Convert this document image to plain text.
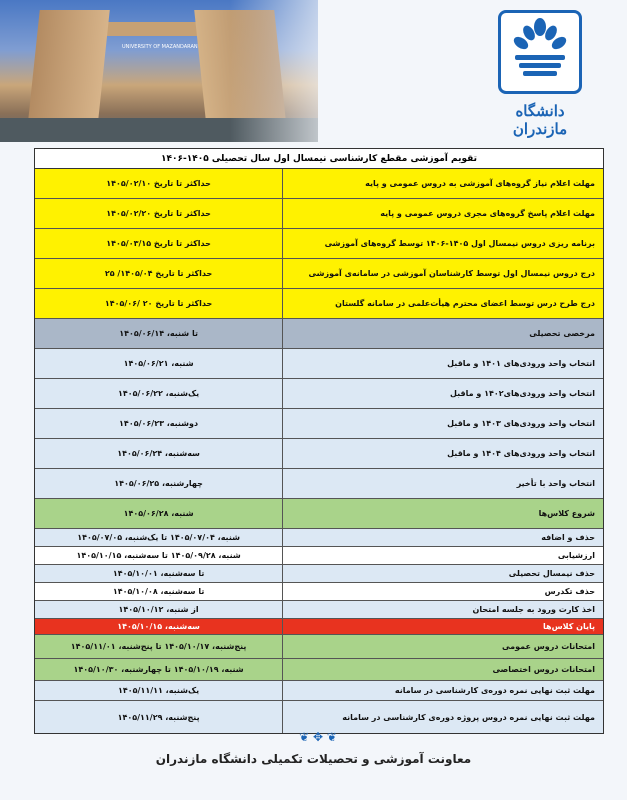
UNIVERSITY OF MAZANDARAN
دانشگاه مازندران
تقویم آموزشی مقطع کارشناسی نیمسال اول سال تحصیلی ۱۴۰۵-۱۴۰۶
مهلت اعلام نیاز گروه‌های آموزشی به دروس عمومی و پایه
حداکثر تا تاریخ ۱۴۰۵/۰۲/۱۰
مهلت اعلام پاسخ گروه‌های مجری دروس عمومی و پایه
حداکثر تا تاریخ ۱۴۰۵/۰۲/۲۰
برنامه ریزی دروس نیمسال اول ۱۴۰۵-۱۴۰۶ توسط گروه‌های آموزشی
حداکثر تا تاریخ ۱۴۰۵/۰۳/۱۵
درج دروس نیمسال اول توسط کارشناسان آموزشی در سامانه‌ی آموزشی
حداکثر تا تاریخ ۱۴۰۵/۰۴/ ۲۵
درج طرح درس توسط اعضای محترم هیأت‌علمی در سامانه گلستان
حداکثر تا تاریخ ۲۰ /۱۴۰۵/۰۶
مرخصی تحصیلی
تا شنبه، ۱۴۰۵/۰۶/۱۴
انتخاب واحد ورودی‌های ۱۴۰۱ و ماقبل
شنبه، ۱۴۰۵/۰۶/۲۱
انتخاب واحد ورودی‌های۱۴۰۲ و ماقبل
یک‌شنبه، ۱۴۰۵/۰۶/۲۲
انتخاب واحد ورودی‌های ۱۴۰۳ و ماقبل
دوشنبه، ۱۴۰۵/۰۶/۲۳
انتخاب واحد ورودی‌های ۱۴۰۴ و ماقبل
سه‌شنبه، ۱۴۰۵/۰۶/۲۴
انتخاب واحد با تأخیر
چهارشنبه، ۱۴۰۵/۰۶/۲۵
شروع کلاس‌ها
شنبه، ۱۴۰۵/۰۶/۲۸
حذف و اضافه
شنبه، ۱۴۰۵/۰۷/۰۴ تا یک‌شنبه، ۱۴۰۵/۰۷/۰۵
ارزشیابی
شنبه، ۱۴۰۵/۰۹/۲۸ تا سه‌شنبه، ۱۴۰۵/۱۰/۱۵
حذف نیمسال تحصیلی
تا سه‌شنبه، ۱۴۰۵/۱۰/۰۱
حذف تکدرس
تا سه‌شنبه، ۱۴۰۵/۱۰/۰۸
اخذ کارت ورود به جلسه امتحان
از شنبه، ۱۴۰۵/۱۰/۱۲
پایان کلاس‌ها
سه‌شنبه، ۱۴۰۵/۱۰/۱۵
امتحانات دروس عمومی
پنج‌شنبه، ۱۴۰۵/۱۰/۱۷ تا پنج‌شنبه، ۱۴۰۵/۱۱/۰۱
امتحانات دروس اختصاصی
شنبه، ۱۴۰۵/۱۰/۱۹ تا چهارشنبه، ۱۴۰۵/۱۰/۳۰
مهلت ثبت نهایی نمره دوره‌ی کارشناسی در سامانه
یک‌شنبه، ۱۴۰۵/۱۱/۱۱
مهلت ثبت نهایی نمره دروس پروژه دوره‌ی کارشناسی در سامانه
پنج‌شنبه، ۱۴۰۵/۱۱/۲۹
❦ ✥ ❦
معاونت آموزشی و تحصیلات تکمیلی دانشگاه مازندران
